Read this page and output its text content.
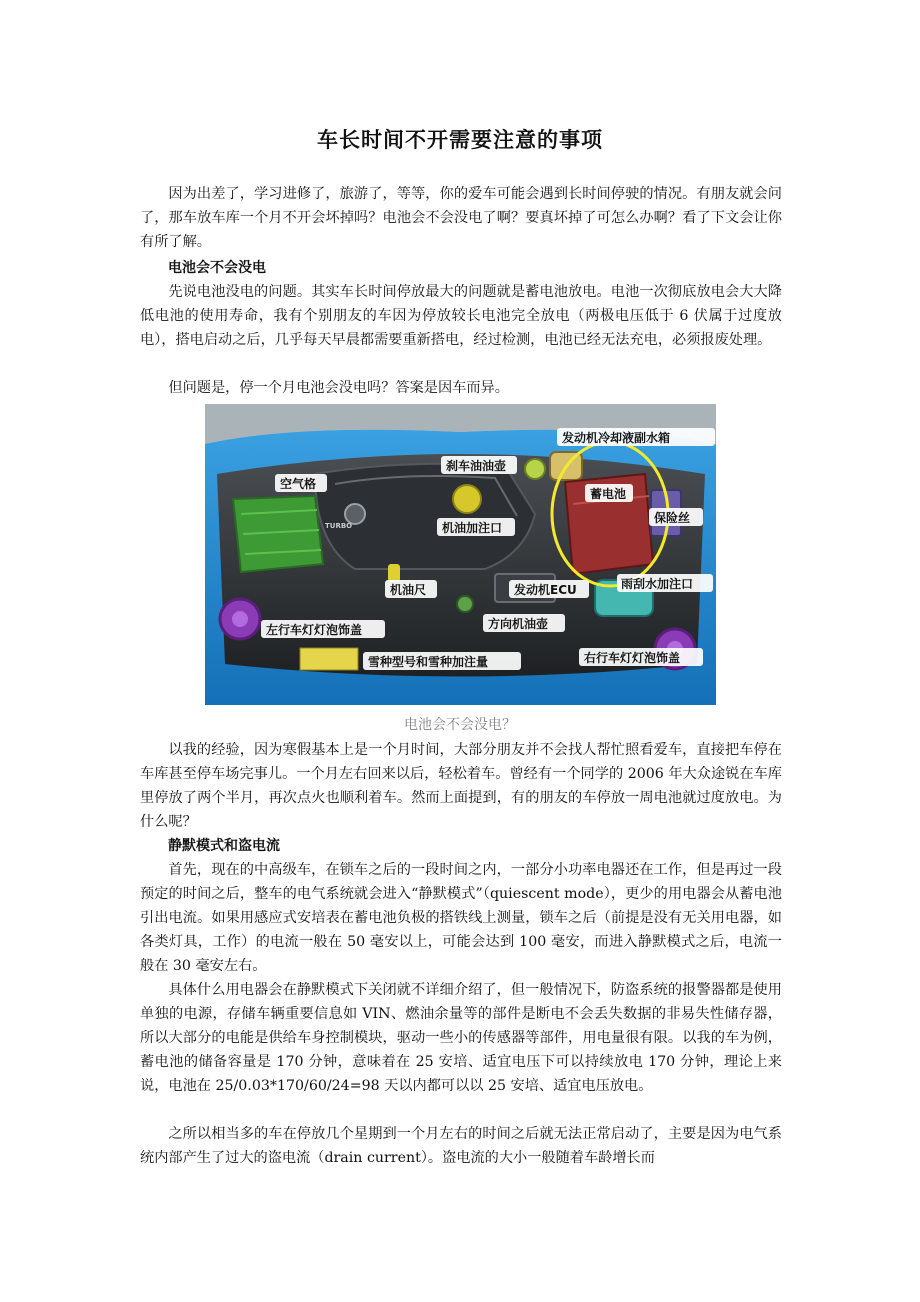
车长时间不开需要注意的事项
因为出差了，学习进修了，旅游了，等等，你的爱车可能会遇到长时间停驶的情况。有朋友就会问了，那车放车库一个月不开会坏掉吗？电池会不会没电了啊？要真坏掉了可怎么办啊？看了下文会让你有所了解。
电池会不会没电
先说电池没电的问题。其实车长时间停放最大的问题就是蓄电池放电。电池一次彻底放电会大大降低电池的使用寿命，我有个别朋友的车因为停放较长电池完全放电（两极电压低于 6 伏属于过度放电），搭电启动之后，几乎每天早晨都需要重新搭电，经过检测，电池已经无法充电，必须报废处理。
但问题是，停一个月电池会没电吗？答案是因车而异。
TURBO
发动机冷却液副水箱
刹车油油壶
空气格
蓄电池
保险丝
机油加注口
机油尺	发动机ECU	雨刮水加注口
左行车灯灯泡饰盖	方向机油壶
雪种型号和雪种加注量	右行车灯灯泡饰盖
电池会不会没电？
以我的经验，因为寒假基本上是一个月时间，大部分朋友并不会找人帮忙照看爱车，直接把车停在车库甚至停车场完事儿。一个月左右回来以后，轻松着车。曾经有一个同学的 2006 年大众途锐在车库里停放了两个半月，再次点火也顺利着车。然而上面提到，有的朋友的车停放一周电池就过度放电。为什么呢？
静默模式和盗电流
首先，现在的中高级车，在锁车之后的一段时间之内，一部分小功率电器还在工作，但是再过一段预定的时间之后，整车的电气系统就会进入“静默模式”（quiescent mode），更少的用电器会从蓄电池引出电流。如果用感应式安培表在蓄电池负极的搭铁线上测量，锁车之后（前提是没有无关用电器，如各类灯具，工作）的电流一般在 50 毫安以上，可能会达到 100 毫安，而进入静默模式之后，电流一般在 30 毫安左右。
具体什么用电器会在静默模式下关闭就不详细介绍了，但一般情况下，防盗系统的报警器都是使用单独的电源，存储车辆重要信息如 VIN、燃油余量等的部件是断电不会丢失数据的非易失性储存器，所以大部分的电能是供给车身控制模块，驱动一些小的传感器等部件，用电量很有限。以我的车为例，蓄电池的储备容量是 170 分钟，意味着在 25 安培、适宜电压下可以持续放电 170 分钟，理论上来说，电池在 25/0.03*170/60/24=98 天以内都可以以 25 安培、适宜电压放电。
之所以相当多的车在停放几个星期到一个月左右的时间之后就无法正常启动了，主要是因为电气系统内部产生了过大的盗电流（drain current）。盗电流的大小一般随着车龄增长而
